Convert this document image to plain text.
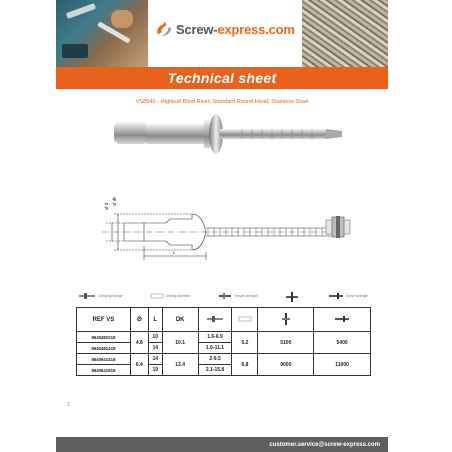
Screw-express.com
Technical sheet
VS8640 - Highbolt Blind Rivet, Standard Round Head, Stainless Steel
Ø d
Ø dk
L
Crimping Range	Drilling diameter	Tensile strength	Shear strength
REF VS	Ø	L	DK				
8640481018	4.8	10	10.1	1.6-6.9	5.2	5100	5400
8640481418		14		1.6-11.1			
8640641418	6.4	14	13.4	2-9.5	6.8	9000	11000
8640641918		19		2.1-15.8			
1
customer.service@screw-express.com
